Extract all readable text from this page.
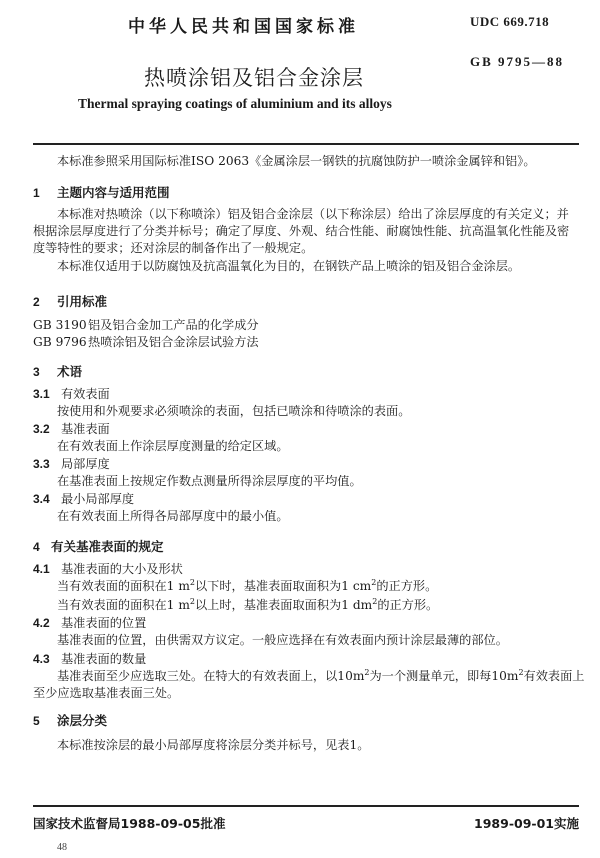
中华人民共和国国家标准	UDC 669.718
GB 9795—88
热喷涂铝及铝合金涂层
Thermal spraying coatings of aluminium and its alloys
本标准参照采用国际标准ISO 2063《金属涂层一钢铁的抗腐蚀防护一喷涂金属锌和铝》。
1 主题内容与适用范围
本标准对热喷涂（以下称喷涂）铝及铝合金涂层（以下称涂层）给出了涂层厚度的有关定义；并根据涂层厚度进行了分类并标号；确定了厚度、外观、结合性能、耐腐蚀性能、抗高温氧化性能及密度等特性的要求；还对涂层的制备作出了一般规定。
本标准仅适用于以防腐蚀及抗高温氧化为目的，在钢铁产品上喷涂的铝及铝合金涂层。
2 引用标准
GB 3190铝及铝合金加工产品的化学成分
GB 9796热喷涂铝及铝合金涂层试验方法
3 术语
3.1 有效表面
按使用和外观要求必须喷涂的表面，包括已喷涂和待喷涂的表面。
3.2 基准表面
在有效表面上作涂层厚度测量的给定区域。
3.3 局部厚度
在基准表面上按规定作数点测量所得涂层厚度的平均值。
3.4 最小局部厚度
在有效表面上所得各局部厚度中的最小值。
4 有关基准表面的规定
4.1 基准表面的大小及形状
当有效表面的面积在1 $m^2$以下时，基准表面取面积为1 $cm^2$的正方形。
当有效表面的面积在1 $m^2$以上时，基准表面取面积为1 $dm^2$的正方形。
4.2 基准表面的位置
基准表面的位置，由供需双方议定。一般应选择在有效表面内预计涂层最薄的部位。
4.3 基准表面的数量
基准表面至少应选取三处。在特大的有效表面上，以$10m^2$为一个测量单元，即每$10m^2$有效表面上
至少应选取基准表面三处。
5 涂层分类
本标准按涂层的最小局部厚度将涂层分类并标号，见表1。
国家技术监督局1988-09-05批准	1989-09-01实施
48
